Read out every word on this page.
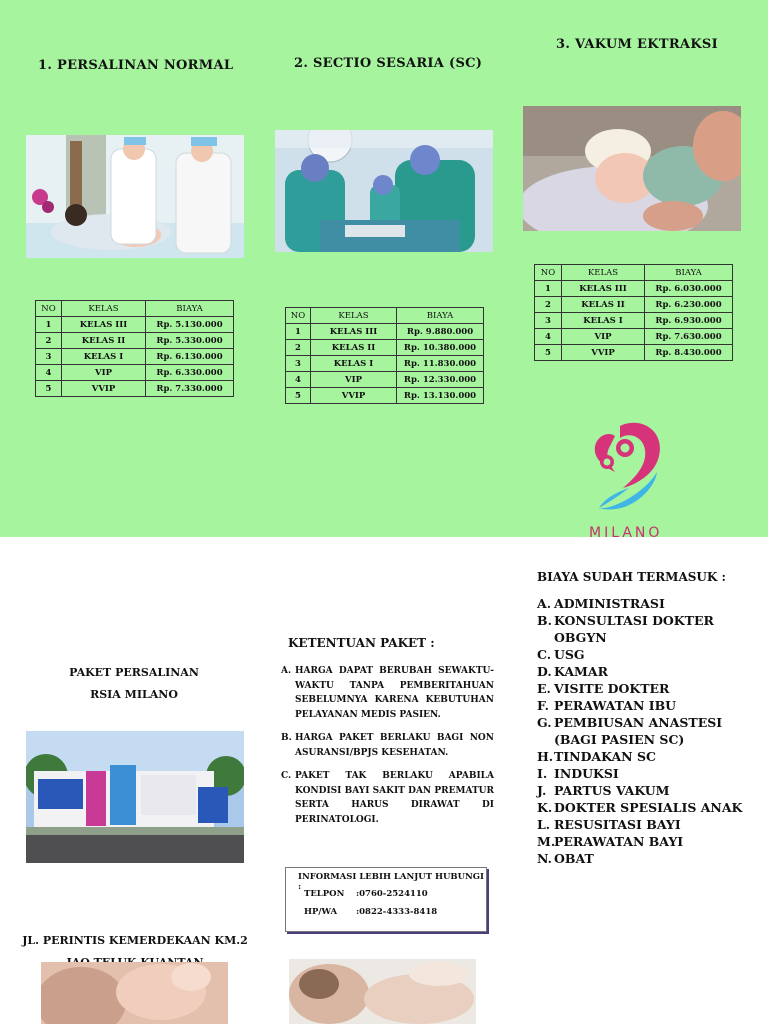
1. PERSALINAN NORMAL	2. SECTIO SESARIA (SC)
3. VAKUM EKTRAKSI
NO	KELAS	BIAYA
1	KELAS III	Rp. 5.130.000
2	KELAS II	Rp. 5.330.000
3	KELAS I	Rp. 6.130.000
4	VIP	Rp. 6.330.000
5	VVIP	Rp. 7.330.000
NO	KELAS	BIAYA
1	KELAS III	Rp. 9.880.000
2	KELAS II	Rp. 10.380.000
3	KELAS I	Rp. 11.830.000
4	VIP	Rp. 12.330.000
5	VVIP	Rp. 13.130.000
NO	KELAS	BIAYA
1	KELAS III	Rp. 6.030.000
2	KELAS II	Rp. 6.230.000
3	KELAS I	Rp. 6.930.000
4	VIP	Rp. 7.630.000
5	VVIP	Rp. 8.430.000
MILANO
PAKET PERSALINAN
RSIA MILANO
JL. PERINTIS KEMERDEKAAN KM.2
KETENTUAN PAKET :
A. HARGA DAPAT BERUBAH SEWAKTU-WAKTU TANPA PEMBERITAHUAN SEBELUMNYA KARENA KEBUTUHAN PELAYANAN MEDIS PASIEN.
B. HARGA PAKET BERLAKU BAGI NON ASURANSI/BPJS KESEHATAN.
C. PAKET TAK BERLAKU APABILA KONDISI BAYI SAKIT DAN PREMATUR SERTA HARUS DIRAWAT DI PERINATOLOGI.
INFORMASI LEBIH LANJUT HUBUNGI :
TELPON :0760-2524110
HP/WA :0822-4333-8418
BIAYA SUDAH TERMASUK :
A. ADMINISTRASI
B. KONSULTASI DOKTER
OBGYN
C. USG
D. KAMAR
E. VISITE DOKTER
F. PERAWATAN IBU
G. PEMBIUSAN ANASTESI
(BAGI PASIEN SC)
H. TINDAKAN SC
I. INDUKSI
J. PARTUS VAKUM
K. DOKTER SPESIALIS ANAK
L. RESUSITASI BAYI
M.
PERAWATAN BAYI
N. OBAT
